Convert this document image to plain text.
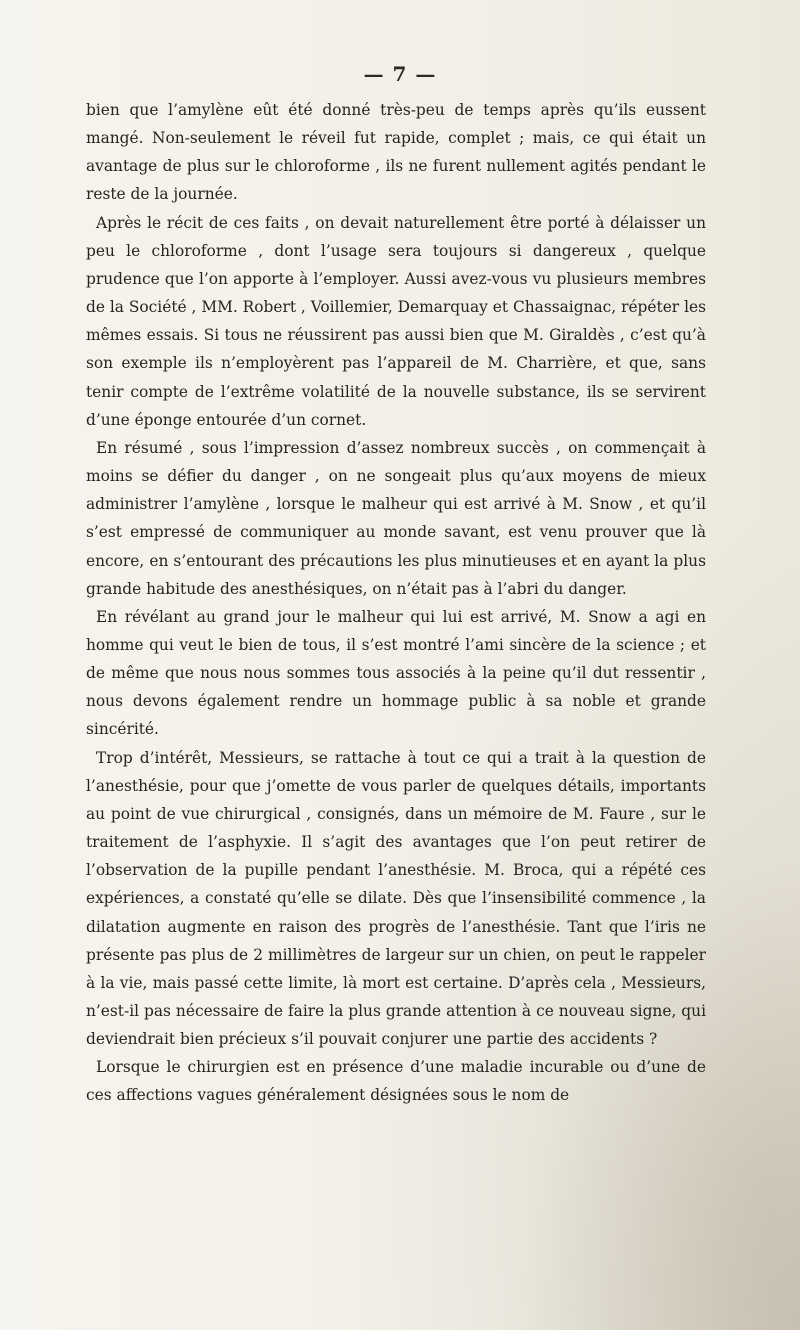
— 7 —

bien que l’amylène eût été donné très-peu de temps après qu’ils eussent mangé. Non-seulement le réveil fut rapide, complet ; mais, ce qui était un avantage de plus sur le chloroforme , ils ne furent nullement agités pendant le reste de la journée.

Après le récit de ces faits , on devait naturellement être porté à délaisser un peu le chloroforme , dont l’usage sera toujours si dangereux , quelque prudence que l’on apporte à l’employer. Aussi avez-vous vu plusieurs membres de la Société , MM. Robert , Voillemier, Demarquay et Chassaignac, répéter les mêmes essais. Si tous ne réussirent pas aussi bien que M. Giraldès , c’est qu’à son exemple ils n’employèrent pas l’appareil de M. Charrière, et que, sans tenir compte de l’extrême volatilité de la nouvelle substance, ils se servirent d’une éponge entourée d’un cornet.

En résumé , sous l’impression d’assez nombreux succès , on commençait à moins se défier du danger , on ne songeait plus qu’aux moyens de mieux administrer l’amylène , lorsque le malheur qui est arrivé à M. Snow , et qu’il s’est empressé de communiquer au monde savant, est venu prouver que là encore, en s’entourant des précautions les plus minutieuses et en ayant la plus grande habitude des anesthésiques, on n’était pas à l’abri du danger.

En révélant au grand jour le malheur qui lui est arrivé, M. Snow a agi en homme qui veut le bien de tous, il s’est montré l’ami sincère de la science ; et de même que nous nous sommes tous associés à la peine qu’il dut ressentir , nous devons également rendre un hommage public à sa noble et grande sincérité.

Trop d’intérêt, Messieurs, se rattache à tout ce qui a trait à la question de l’anesthésie, pour que j’omette de vous parler de quelques détails, importants au point de vue chirurgical , consignés, dans un mémoire de M. Faure , sur le traitement de l’asphyxie. Il s’agit des avantages que l’on peut retirer de l’observation de la pupille pendant l’anesthésie. M. Broca, qui a répété ces expériences, a constaté qu’elle se dilate. Dès que l’insensibilité commence , la dilatation augmente en raison des progrès de l’anesthésie. Tant que l’iris ne présente pas plus de 2 millimètres de largeur sur un chien, on peut le rappeler à la vie, mais passé cette limite, là mort est certaine. D’après cela , Messieurs, n’est-il pas nécessaire de faire la plus grande attention à ce nouveau signe, qui deviendrait bien précieux s’il pouvait conjurer une partie des accidents ?

Lorsque le chirurgien est en présence d’une maladie incurable ou d’une de ces affections vagues généralement désignées sous le nom de
